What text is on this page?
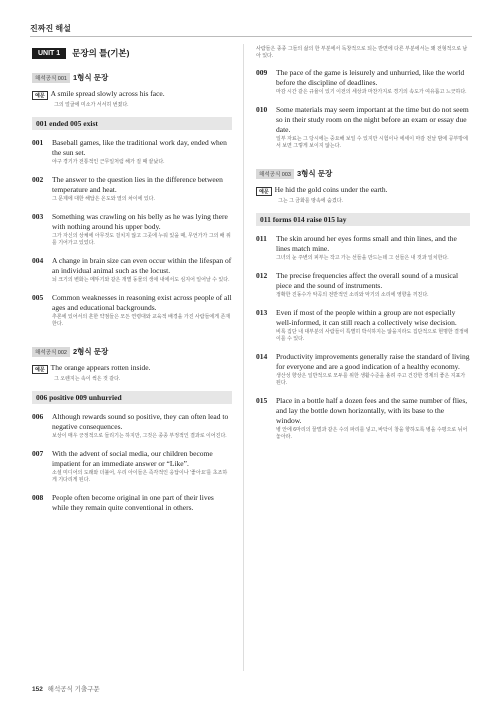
진짜진 해설
UNIT 1	문장의 틀(기본)
해석공식 001 1형식 문장
예문 A smile spread slowly across his face.
그의 얼굴에 미소가 서서히 번졌다.
001 ended 005 exist
001	Baseball games, like the traditional work day, ended when the sun set.
야구 경기가 전통적인 근무일처럼 해가 질 때 끝났다.
002	The answer to the question lies in the difference between temperature and heat.
그 문제에 대한 해답은 온도와 열의 차이에 있다.
003	Something was crawling on his belly as he was lying there with nothing around his upper body.
그가 자신의 상체에 아무것도 걸치지 않고 그곳에 누워 있을 때, 무언가가 그의 배 위를 기어가고 있었다.
004	A change in brain size can even occur within the lifespan of an individual animal such as the locust.
뇌 크기의 변화는 메뚜기와 같은 개별 동물의 생애 내에서도 심지어 일어날 수 있다.
005	Common weaknesses in reasoning exist across people of all ages and educational backgrounds.
추론에 있어서의 흔한 약점들은 모든 연령대와 교육적 배경을 가진 사람들에게 존재한다.
해석공식 002 2형식 문장
예문 The orange appears rotten inside.
그 오렌지는 속이 썩은 것 같다.
006 positive 009 unhurried
006	Although rewards sound so positive, they can often lead to negative consequences.
보상이 매우 긍정적으로 들리기는 하지만, 그것은 종종 부정적인 결과로 이어진다.
007	With the advent of social media, our children become impatient for an immediate answer or “Like”.
소셜 미디어의 도래와 더불어, 우리 아이들은 즉각적인 응답이나 '좋아요'를 초조하게 기다리게 된다.
008	People often become original in one part of their lives while they remain quite conventional in others.
사람들은 종종 그들의 삶의 한 부분에서 독창적으로 되는 반면에 다른 부분에서는 꽤 전형적으로 남아 있다.
009	The pace of the game is leisurely and unhurried, like the world before the discipline of deadlines.
마감 시간 같은 규율이 있기 이전의 세상과 마찬가지로 경기의 속도가 여유롭고 느긋하다.
010	Some materials may seem important at the time but do not seem so in their study room on the night before an exam or essay due date.
일부 자료는 그 당시에는 중요해 보일 수 있지만 시험이나 에세이 마감 전날 밤에 공부방에서 보면 그렇게 보이지 않는다.
해석공식 003 3형식 문장
예문 He hid the gold coins under the earth.
그는 그 금화를 땅속에 숨겼다.
011 forms 014 raise 015 lay
011	The skin around her eyes forms small and thin lines, and the lines match mine.
그녀의 눈 주변의 피부는 작고 가는 선들을 만드는데 그 선들은 내 것과 일치한다.
012	The precise frequencies affect the overall sound of a musical piece and the sound of instruments.
정확한 진동수가 악곡의 전반적인 소리와 악기의 소리에 영향을 끼친다.
013	Even if most of the people within a group are not especially well-informed, it can still reach a collectively wise decision.
비록 집단 내 대부분의 사람들이 특별히 박식하지는 않을지라도 집단적으로 현명한 결정에 이를 수 있다.
014	Productivity improvements generally raise the standard of living for everyone and are a good indication of a healthy economy.
생산성 향상은 일반적으로 모두를 위한 생활수준을 올려 주고 건강한 경제의 좋은 지표가 된다.
015	Place in a bottle half a dozen fees and the same number of flies, and lay the bottle down horizontally, with its base to the window.
병 안에 6마리의 꿀벌과 같은 수의 파리를 넣고, 바닥이 창을 향하도록 병을 수평으로 뉘어 놓아라.
152 해석공식 기출구문
